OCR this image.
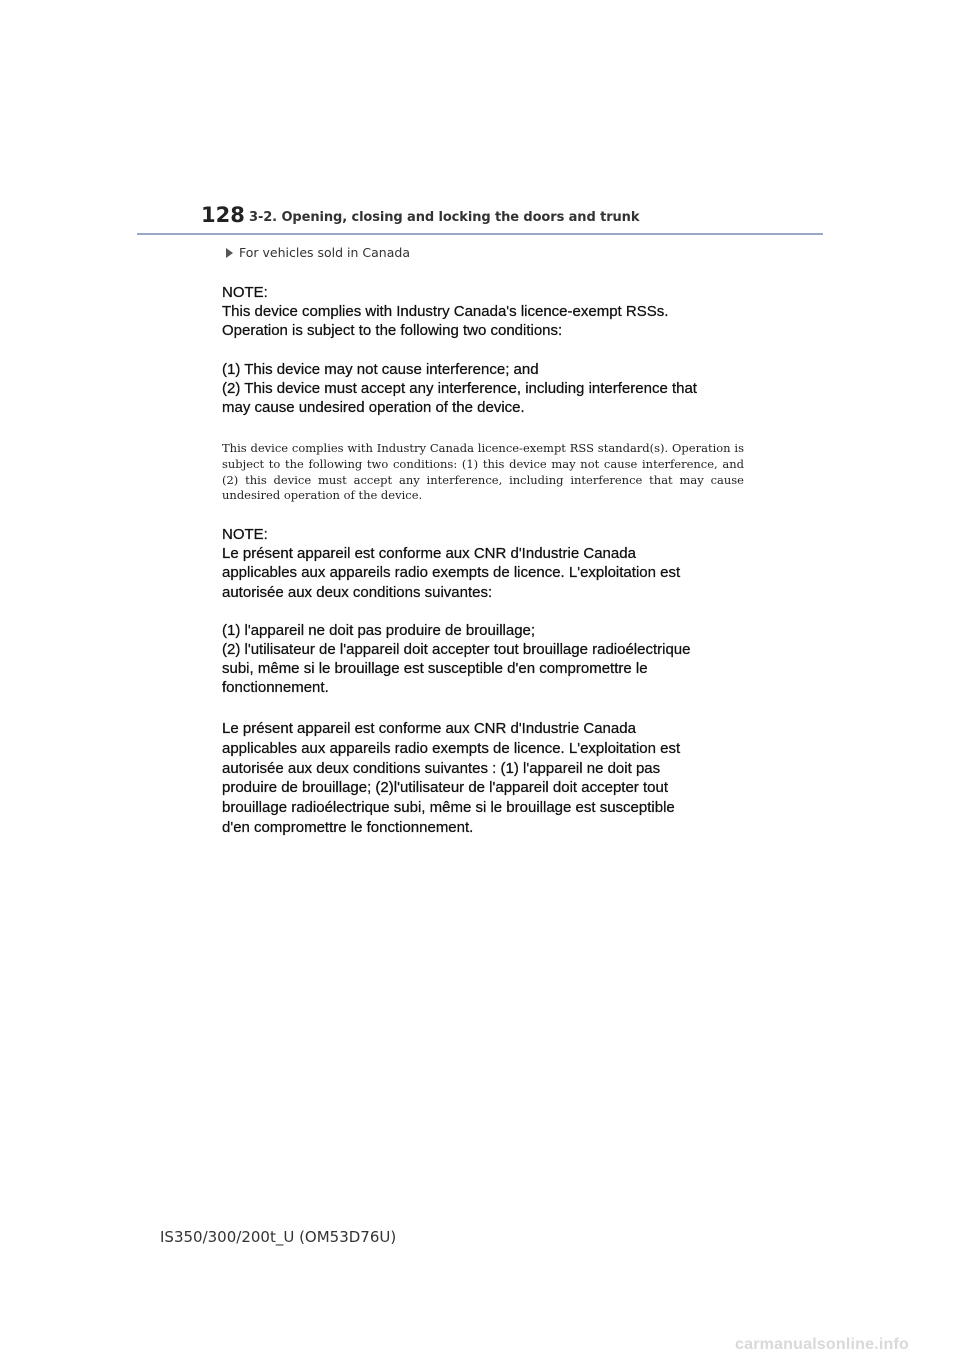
128 3-2. Opening, closing and locking the doors and trunk
For vehicles sold in Canada
NOTE:
This device complies with Industry Canada's licence-exempt RSSs.
Operation is subject to the following two conditions:
(1) This device may not cause interference; and
(2) This device must accept any interference, including interference that
may cause undesired operation of the device.
This device complies with Industry Canada licence-exempt RSS standard(s). Operation is subject to the following two conditions: (1) this device may not cause interference, and (2) this device must accept any interference, including interference that may cause undesired operation of the device.
NOTE:
Le présent appareil est conforme aux CNR d'Industrie Canada
applicables aux appareils radio exempts de licence. L'exploitation est
autorisée aux deux conditions suivantes:
(1) l'appareil ne doit pas produire de brouillage;
(2) l'utilisateur de l'appareil doit accepter tout brouillage radioélectrique
subi, même si le brouillage est susceptible d'en compromettre le
fonctionnement.
Le présent appareil est conforme aux CNR d'Industrie Canada
applicables aux appareils radio exempts de licence. L'exploitation est
autorisée aux deux conditions suivantes : (1) l'appareil ne doit pas
produire de brouillage; (2)l'utilisateur de l'appareil doit accepter tout
brouillage radioélectrique subi, même si le brouillage est susceptible
d'en compromettre le fonctionnement.
IS350/300/200t_U (OM53D76U)
carmanualsonline.info
